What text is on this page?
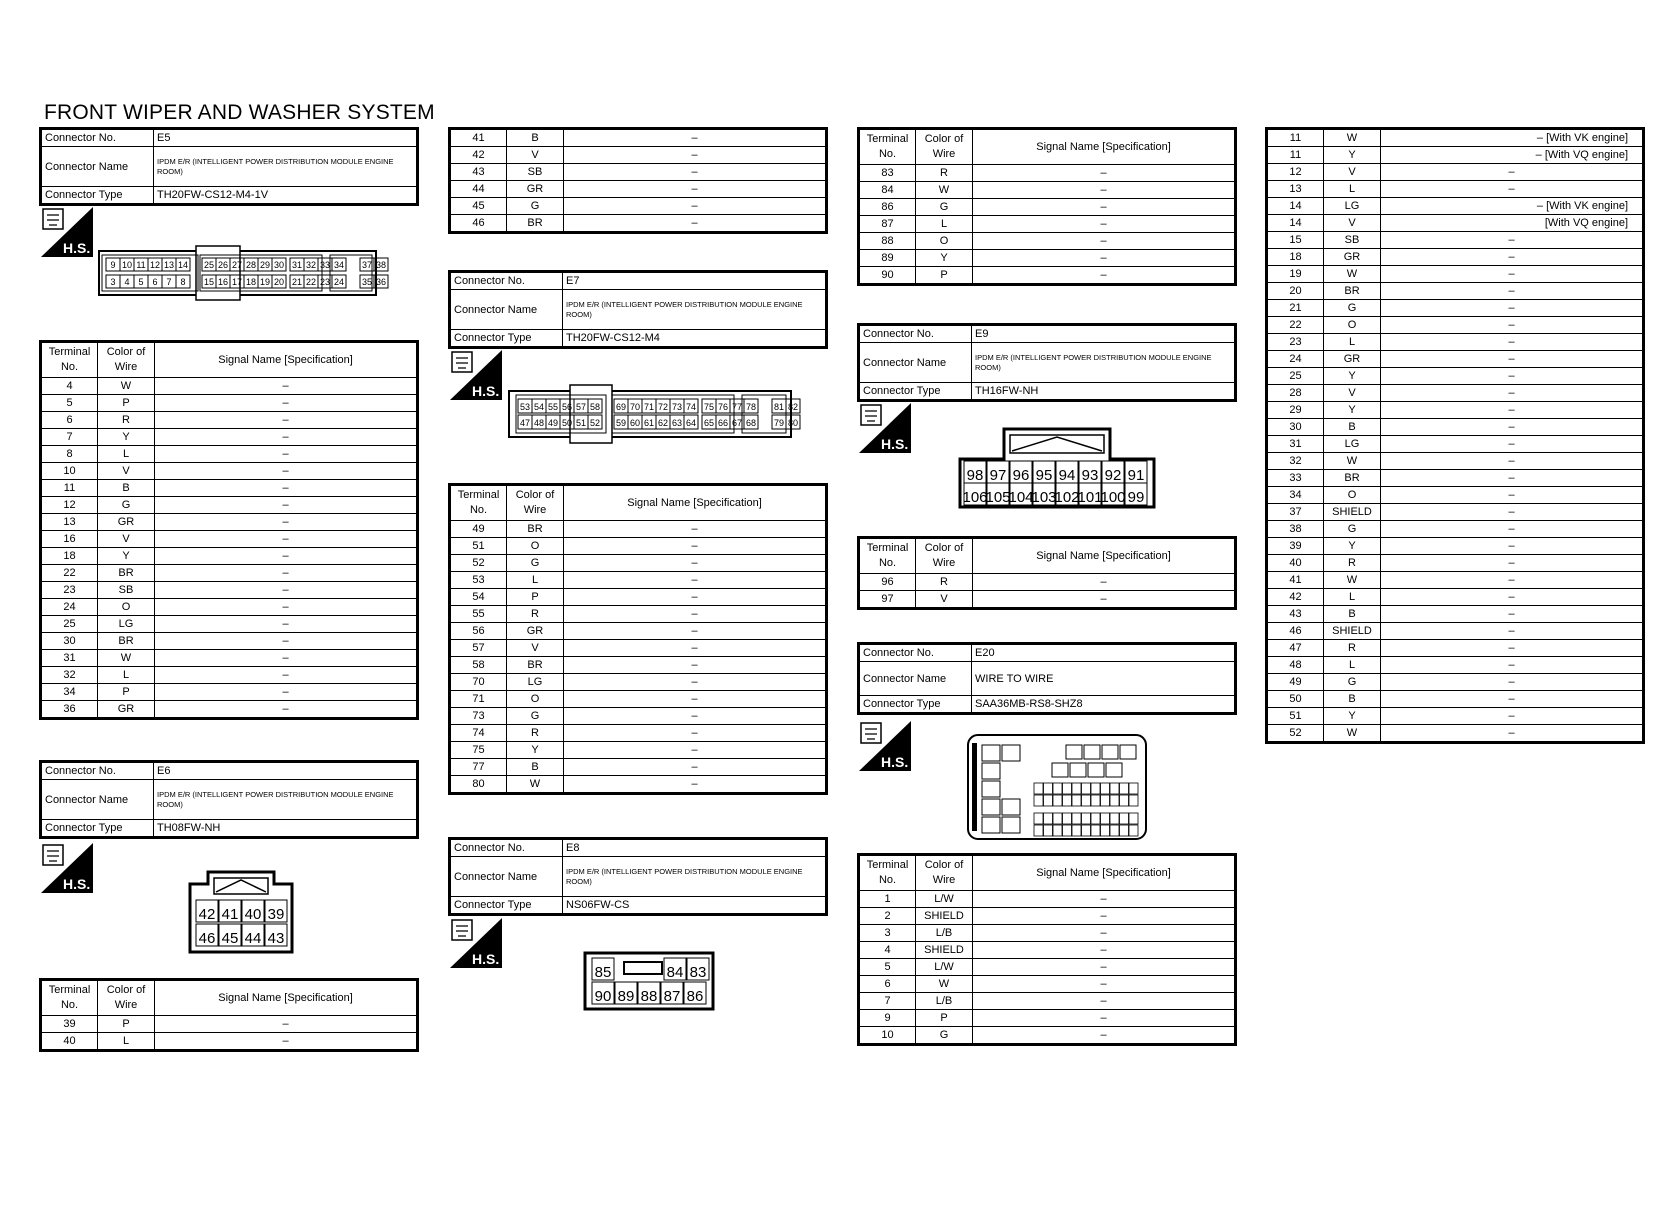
FRONT WIPER AND WASHER SYSTEM
Connector No.	E5
Connector Name	IPDM E/R (INTELLIGENT POWER DISTRIBUTION MODULE ENGINE ROOM)
Connector Type	TH20FW-CS12-M4-1V
H.S.
9 10 11 12 13 14 25 26 27 28 29 30 31 32 33 34 37 38
3 4 5 6 7 8 15 16 17 18 19 20 21 22 23 24 35 36
Terminal No.	Color of Wire	Signal Name [Specification]
4	W	–
5	P	–
6	R	–
7	Y	–
8	L	–
10	V	–
11	B	–
12	G	–
13	GR	–
16	V	–
18	Y	–
22	BR	–
23	SB	–
24	O	–
25	LG	–
30	BR	–
31	W	–
32	L	–
34	P	–
36	GR	–
Connector No.	E6
Connector Name	IPDM E/R (INTELLIGENT POWER DISTRIBUTION MODULE ENGINE ROOM)
Connector Type	TH08FW-NH
H.S.
42 41 40 39
46 45 44 43
Terminal No.	Color of Wire	Signal Name [Specification]
39	P	–
40	L	–
41	B	–
42	V	–
43	SB	–
44	GR	–
45	G	–
46	BR	–
Connector No.	E7
Connector Name	IPDM E/R (INTELLIGENT POWER DISTRIBUTION MODULE ENGINE ROOM)
Connector Type	TH20FW-CS12-M4
H.S.
53 54 55 56 57 58 69 70 71 72 73 74 75 76 77 78 81 82
47 48 49 50 51 52 59 60 61 62 63 64 65 66 67 68 79 80
Terminal No.	Color of Wire	Signal Name [Specification]
49	BR	–
51	O	–
52	G	–
53	L	–
54	P	–
55	R	–
56	GR	–
57	V	–
58	BR	–
70	LG	–
71	O	–
73	G	–
74	R	–
75	Y	–
77	B	–
80	W	–
Connector No.	E8
Connector Name	IPDM E/R (INTELLIGENT POWER DISTRIBUTION MODULE ENGINE ROOM)
Connector Type	NS06FW-CS
H.S.
85	84 83
90 89 88 87 86
Terminal No.	Color of Wire	Signal Name [Specification]
83	R	–
84	W	–
86	G	–
87	L	–
88	O	–
89	Y	–
90	P	–
Connector No.	E9
Connector Name	IPDM E/R (INTELLIGENT POWER DISTRIBUTION MODULE ENGINE ROOM)
Connector Type	TH16FW-NH
H.S.
98 97 96 95 94 93 92 91
106
105
104
103
102
101
100 99
Terminal No.	Color of Wire	Signal Name [Specification]
96	R	–
97	V	–
Connector No.	E20
Connector Name	WIRE TO WIRE
Connector Type	SAA36MB-RS8-SHZ8
H.S.
Terminal No.	Color of Wire	Signal Name [Specification]
1	L/W	–
2	SHIELD	–
3	L/B	–
4	SHIELD	–
5	L/W	–
6	W	–
7	L/B	–
9	P	–
10	G	–
11	W	– [With VK engine]
11	Y	– [With VQ engine]
12	V	–
13	L	–
14	LG	– [With VK engine]
14	V	[With VQ engine]
15	SB	–
18	GR	–
19	W	–
20	BR	–
21	G	–
22	O	–
23	L	–
24	GR	–
25	Y	–
28	V	–
29	Y	–
30	B	–
31	LG	–
32	W	–
33	BR	–
34	O	–
37	SHIELD	–
38	G	–
39	Y	–
40	R	–
41	W	–
42	L	–
43	B	–
46	SHIELD	–
47	R	–
48	L	–
49	G	–
50	B	–
51	Y	–
52	W	–
